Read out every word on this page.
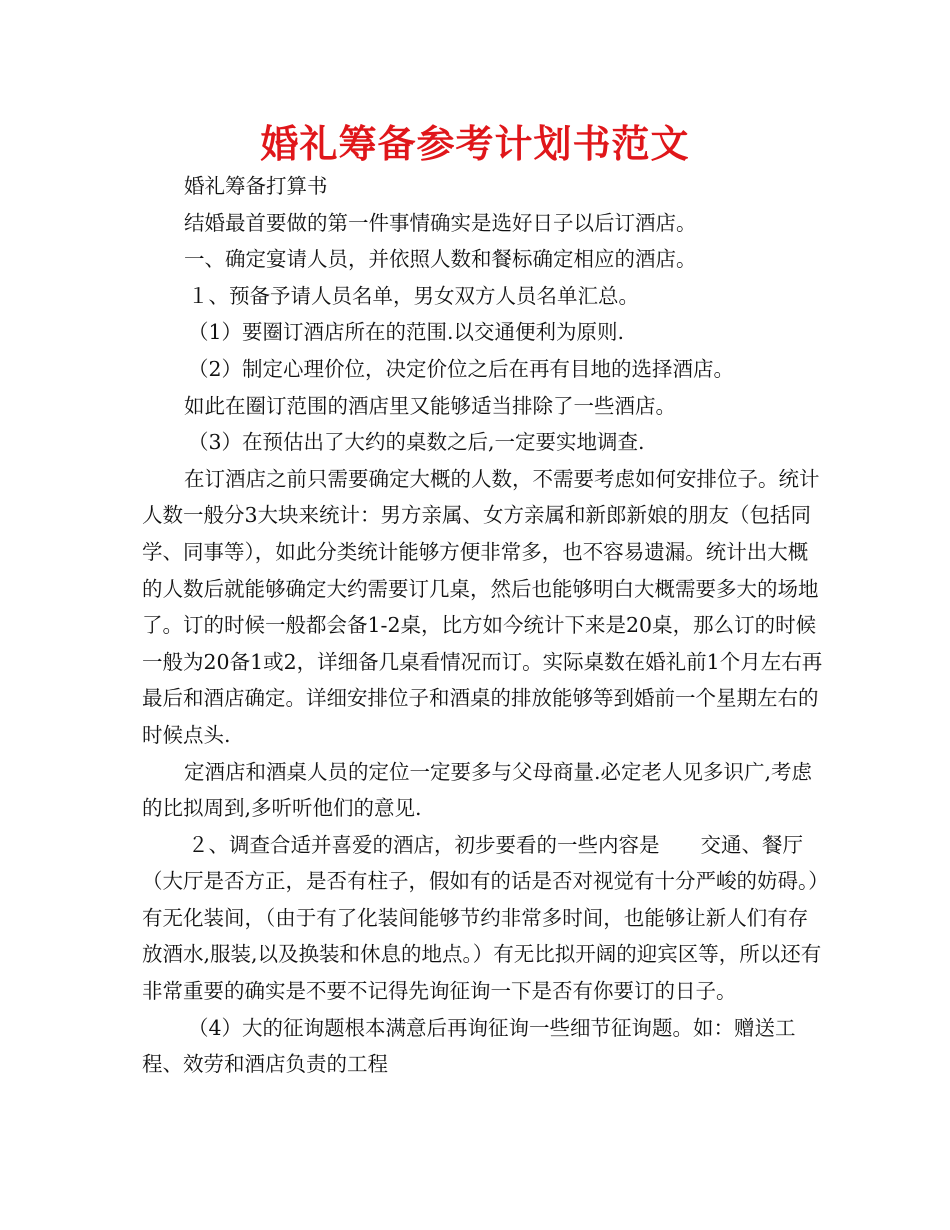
婚礼筹备参考计划书范文

婚礼筹备打算书

结婚最首要做的第一件事情确实是选好日子以后订酒店。

一、确定宴请人员，并依照人数和餐标确定相应的酒店。

１、预备予请人员名单，男女双方人员名单汇总。

（1）要圈订酒店所在的范围.以交通便利为原则.

（2）制定心理价位，决定价位之后在再有目地的选择酒店。

如此在圈订范围的酒店里又能够适当排除了一些酒店。

（3）在预估出了大约的桌数之后,一定要实地调查.

在订酒店之前只需要确定大概的人数，不需要考虑如何安排位子。统计人数一般分3大块来统计：男方亲属、女方亲属和新郎新娘的朋友（包括同学、同事等），如此分类统计能够方便非常多，也不容易遗漏。统计出大概的人数后就能够确定大约需要订几桌，然后也能够明白大概需要多大的场地了。订的时候一般都会备1-2桌，比方如今统计下来是20桌，那么订的时候一般为20备1或2，详细备几桌看情况而订。实际桌数在婚礼前1个月左右再最后和酒店确定。详细安排位子和酒桌的排放能够等到婚前一个星期左右的时候点头.

定酒店和酒桌人员的定位一定要多与父母商量.必定老人见多识广,考虑的比拟周到,多听听他们的意见.

２、调查合适并喜爱的酒店，初步要看的一些内容是　　交通、餐厅（大厅是否方正，是否有柱子，假如有的话是否对视觉有十分严峻的妨碍。）有无化装间，（由于有了化装间能够节约非常多时间，也能够让新人们有存放酒水,服装,以及换装和休息的地点。）有无比拟开阔的迎宾区等，所以还有非常重要的确实是不要不记得先询征询一下是否有你要订的日子。

（4）大的征询题根本满意后再询征询一些细节征询题。如：赠送工程、效劳和酒店负责的工程
